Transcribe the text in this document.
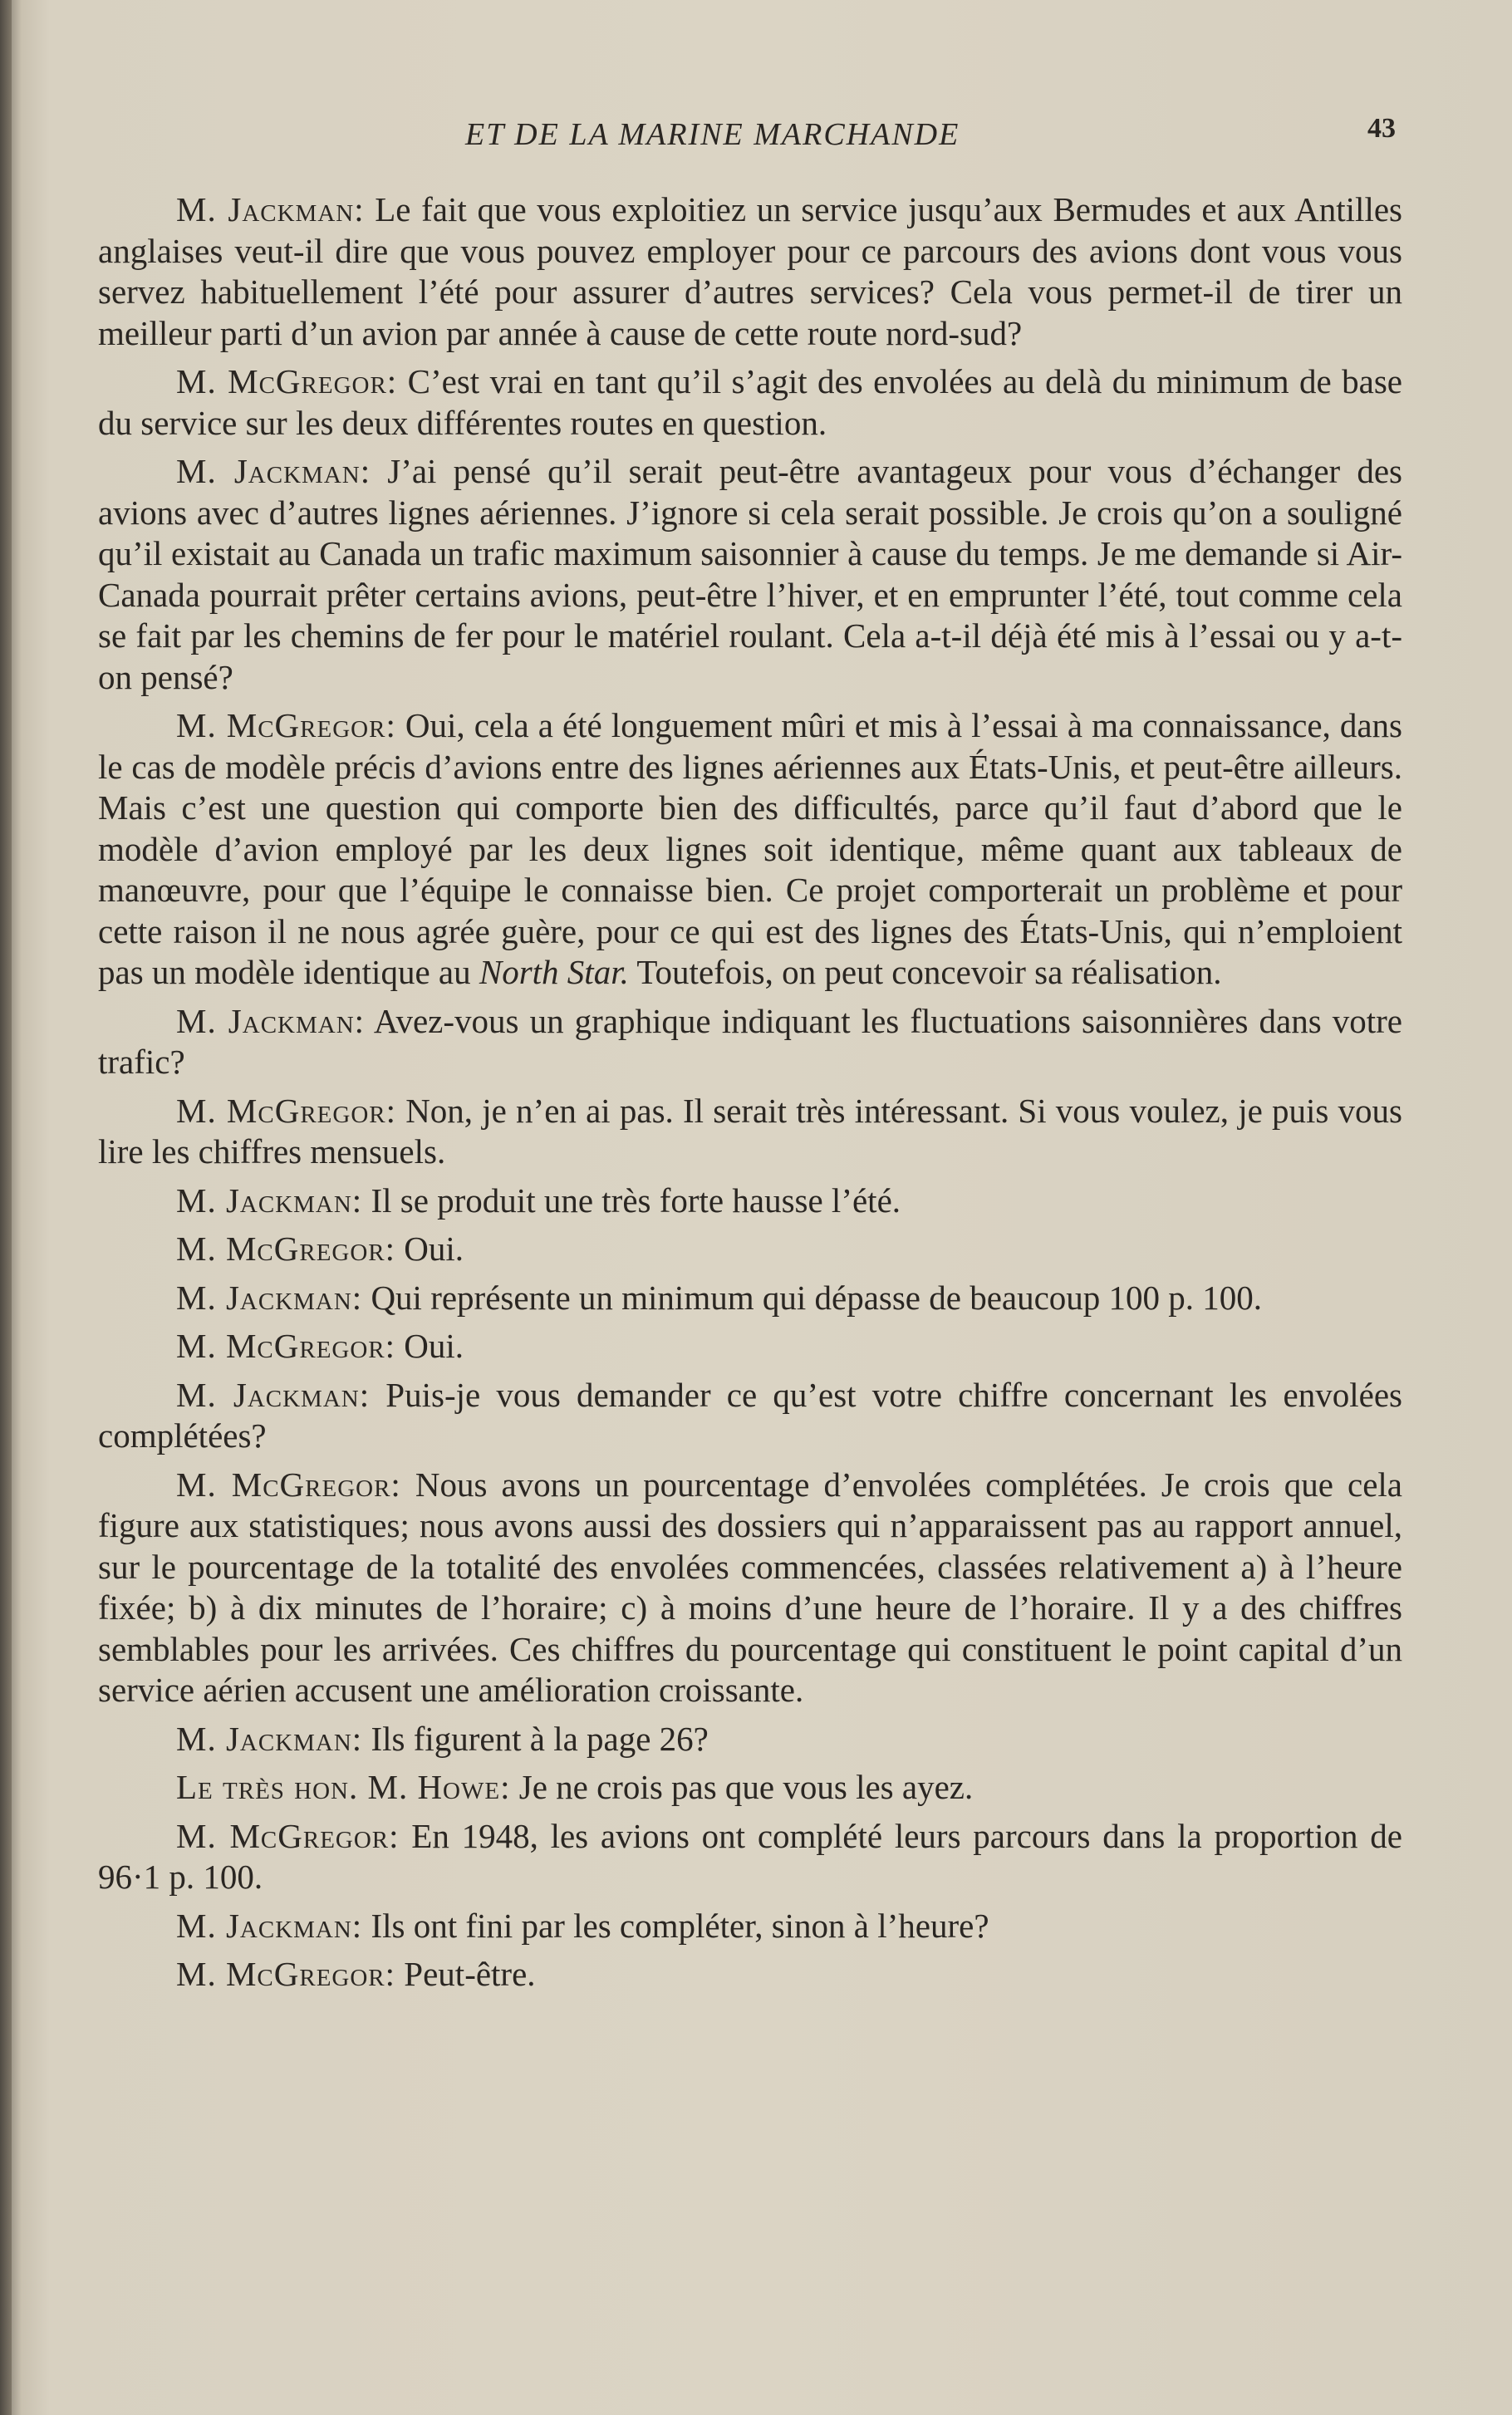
ET DE LA MARINE MARCHANDE	43

M. Jackman: Le fait que vous exploitiez un service jusqu’aux Bermudes et aux Antilles anglaises veut-il dire que vous pouvez employer pour ce parcours des avions dont vous vous servez habituellement l’été pour assurer d’autres services? Cela vous permet-il de tirer un meilleur parti d’un avion par année à cause de cette route nord-sud?

M. McGregor: C’est vrai en tant qu’il s’agit des envolées au delà du minimum de base du service sur les deux différentes routes en question.

M. Jackman: J’ai pensé qu’il serait peut-être avantageux pour vous d’échanger des avions avec d’autres lignes aériennes. J’ignore si cela serait possible. Je crois qu’on a souligné qu’il existait au Canada un trafic maximum saisonnier à cause du temps. Je me demande si Air-Canada pourrait prêter certains avions, peut-être l’hiver, et en emprunter l’été, tout comme cela se fait par les chemins de fer pour le matériel roulant. Cela a-t-il déjà été mis à l’essai ou y a-t-on pensé?

M. McGregor: Oui, cela a été longuement mûri et mis à l’essai à ma connaissance, dans le cas de modèle précis d’avions entre des lignes aériennes aux États-Unis, et peut-être ailleurs. Mais c’est une question qui comporte bien des difficultés, parce qu’il faut d’abord que le modèle d’avion employé par les deux lignes soit identique, même quant aux tableaux de manœuvre, pour que l’équipe le connaisse bien. Ce projet comporterait un problème et pour cette raison il ne nous agrée guère, pour ce qui est des lignes des États-Unis, qui n’emploient pas un modèle identique au North Star. Toutefois, on peut concevoir sa réalisation.

M. Jackman: Avez-vous un graphique indiquant les fluctuations saisonnières dans votre trafic?

M. McGregor: Non, je n’en ai pas. Il serait très intéressant. Si vous voulez, je puis vous lire les chiffres mensuels.

M. Jackman: Il se produit une très forte hausse l’été.

M. McGregor: Oui.

M. Jackman: Qui représente un minimum qui dépasse de beaucoup 100 p. 100.

M. McGregor: Oui.

M. Jackman: Puis-je vous demander ce qu’est votre chiffre concernant les envolées complétées?

M. McGregor: Nous avons un pourcentage d’envolées complétées. Je crois que cela figure aux statistiques; nous avons aussi des dossiers qui n’apparaissent pas au rapport annuel, sur le pourcentage de la totalité des envolées commencées, classées relativement a) à l’heure fixée; b) à dix minutes de l’horaire; c) à moins d’une heure de l’horaire. Il y a des chiffres semblables pour les arrivées. Ces chiffres du pourcentage qui constituent le point capital d’un service aérien accusent une amélioration croissante.

M. Jackman: Ils figurent à la page 26?

Le très hon. M. Howe: Je ne crois pas que vous les ayez.

M. McGregor: En 1948, les avions ont complété leurs parcours dans la proportion de 96·1 p. 100.

M. Jackman: Ils ont fini par les compléter, sinon à l’heure?

M. McGregor: Peut-être.
